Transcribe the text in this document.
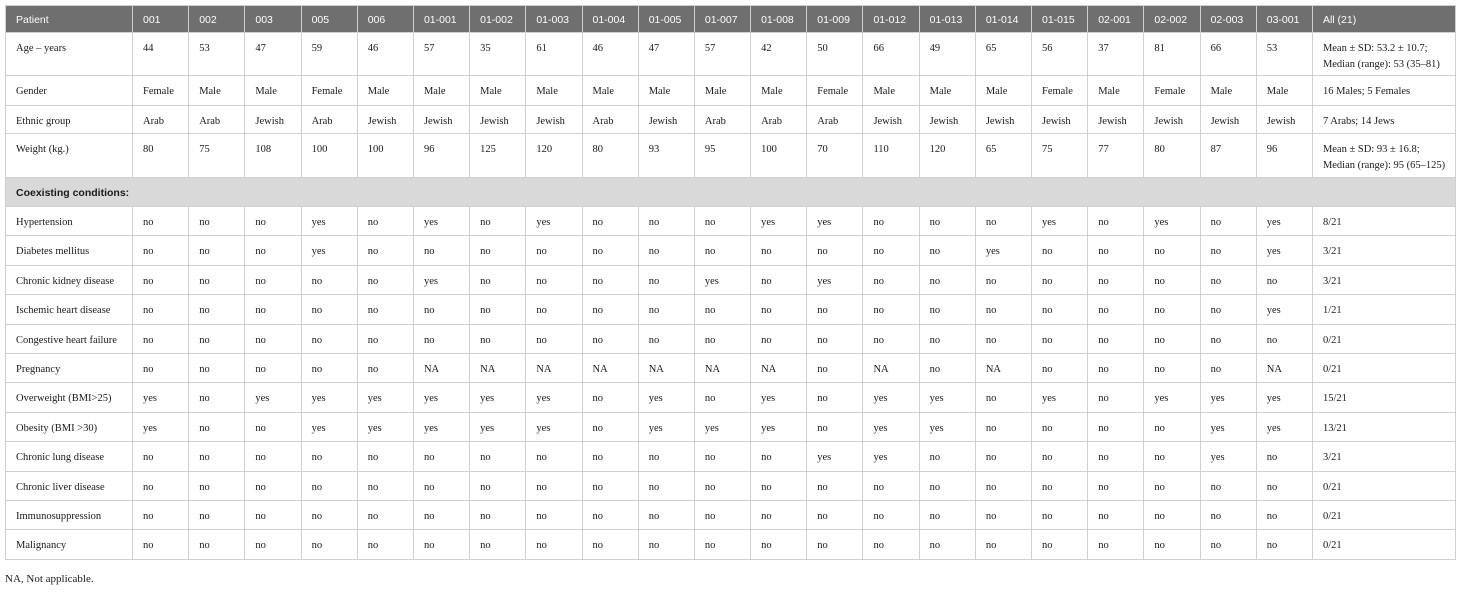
Patient	001	002	003	005	006	01-001	01-002	01-003	01-004	01-005	01-007	01-008	01-009	01-012	01-013	01-014	01-015	02-001	02-002	02-003	03-001	All (21)
Age – years	44	53	47	59	46	57	35	61	46	47	57	42	50	66	49	65	56	37	81	66	53	Mean ± SD: 53.2 ± 10.7; Median (range): 53 (35–81)
Gender	Female	Male	Male	Female	Male	Male	Male	Male	Male	Male	Male	Male	Female	Male	Male	Male	Female	Male	Female	Male	Male	16 Males; 5 Females
Ethnic group	Arab	Arab	Jewish	Arab	Jewish	Jewish	Jewish	Jewish	Arab	Jewish	Arab	Arab	Arab	Jewish	Jewish	Jewish	Jewish	Jewish	Jewish	Jewish	Jewish	7 Arabs; 14 Jews
Weight (kg.)	80	75	108	100	100	96	125	120	80	93	95	100	70	110	120	65	75	77	80	87	96	Mean ± SD: 93 ± 16.8; Median (range): 95 (65–125)
Coexisting conditions:																						
Hypertension	no	no	no	yes	no	yes	no	yes	no	no	no	yes	yes	no	no	no	yes	no	yes	no	yes	8/21
Diabetes mellitus	no	no	no	yes	no	no	no	no	no	no	no	no	no	no	no	yes	no	no	no	no	yes	3/21
Chronic kidney disease	no	no	no	no	no	yes	no	no	no	no	yes	no	yes	no	no	no	no	no	no	no	no	3/21
Ischemic heart disease	no	no	no	no	no	no	no	no	no	no	no	no	no	no	no	no	no	no	no	no	yes	1/21
Congestive heart failure	no	no	no	no	no	no	no	no	no	no	no	no	no	no	no	no	no	no	no	no	no	0/21
Pregnancy	no	no	no	no	no	NA	NA	NA	NA	NA	NA	NA	no	NA	no	NA	no	no	no	no	NA	0/21
Overweight (BMI>25)	yes	no	yes	yes	yes	yes	yes	yes	no	yes	no	yes	no	yes	yes	no	yes	no	yes	yes	yes	15/21
Obesity (BMI >30)	yes	no	no	yes	yes	yes	yes	yes	no	yes	yes	yes	no	yes	yes	no	no	no	no	yes	yes	13/21
Chronic lung disease	no	no	no	no	no	no	no	no	no	no	no	no	yes	yes	no	no	no	no	no	yes	no	3/21
Chronic liver disease	no	no	no	no	no	no	no	no	no	no	no	no	no	no	no	no	no	no	no	no	no	0/21
Immunosuppression	no	no	no	no	no	no	no	no	no	no	no	no	no	no	no	no	no	no	no	no	no	0/21
Malignancy	no	no	no	no	no	no	no	no	no	no	no	no	no	no	no	no	no	no	no	no	no	0/21
NA, Not applicable.
